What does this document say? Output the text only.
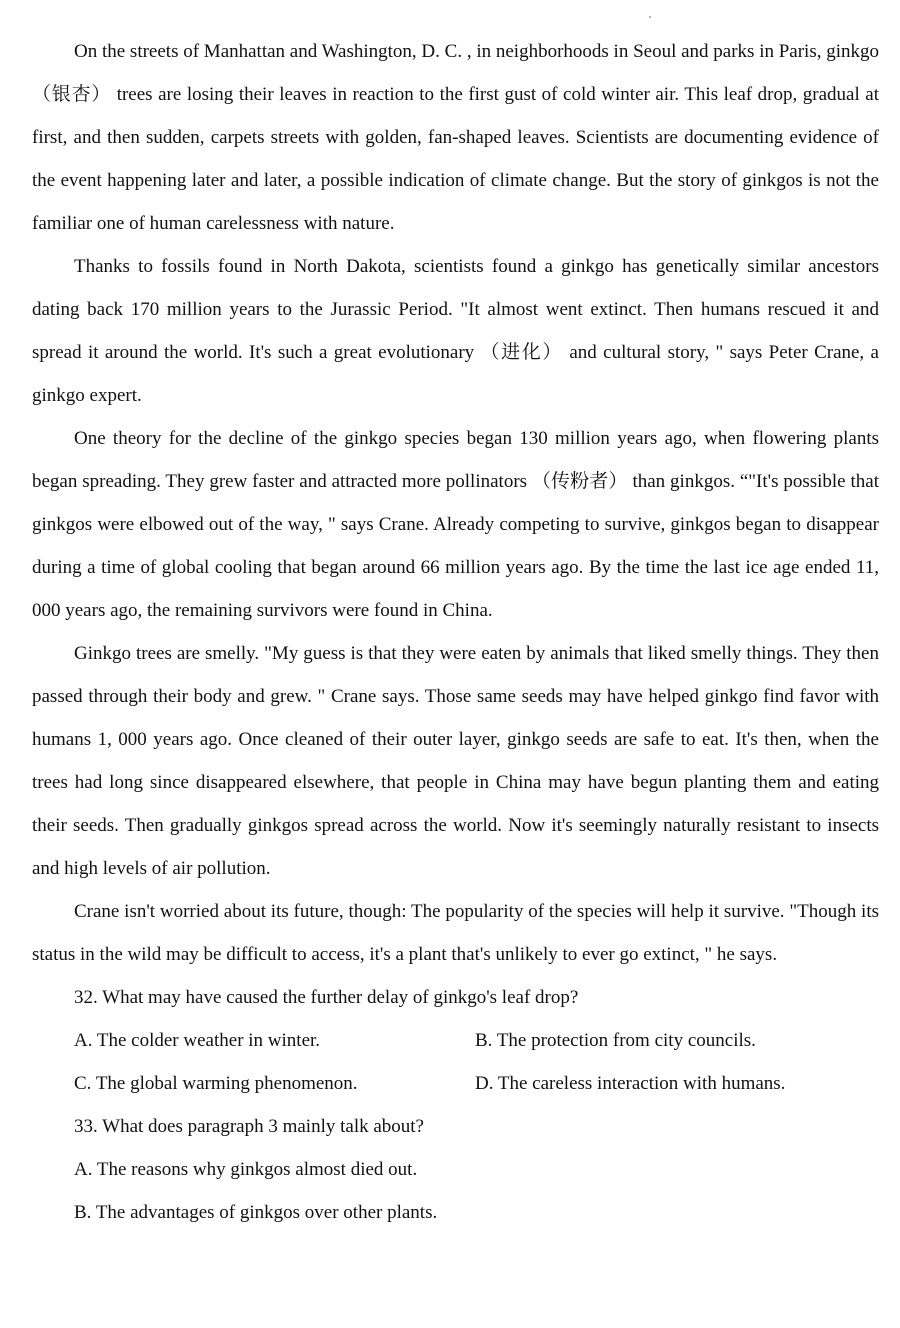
On the streets of Manhattan and Washington, D. C. , in neighborhoods in Seoul and parks in Paris, ginkgo （银杏） trees are losing their leaves in reaction to the first gust of cold winter air. This leaf drop, gradual at first, and then sudden, carpets streets with golden, fan-shaped leaves. Scientists are documenting evidence of the event happening later and later, a possible indication of climate change. But the story of ginkgos is not the familiar one of human carelessness with nature.

Thanks to fossils found in North Dakota, scientists found a ginkgo has genetically similar ancestors dating back 170 million years to the Jurassic Period. "It almost went extinct. Then humans rescued it and spread it around the world. It's such a great evolutionary （进化） and cultural story, " says Peter Crane, a ginkgo expert.

One theory for the decline of the ginkgo species began 130 million years ago, when flowering plants began spreading. They grew faster and attracted more pollinators （传粉者） than ginkgos. “"It's possible that ginkgos were elbowed out of the way, " says Crane. Already competing to survive, ginkgos began to disappear during a time of global cooling that began around 66 million years ago. By the time the last ice age ended 11, 000 years ago, the remaining survivors were found in China.

Ginkgo trees are smelly. "My guess is that they were eaten by animals that liked smelly things. They then passed through their body and grew. " Crane says. Those same seeds may have helped ginkgo find favor with humans 1, 000 years ago. Once cleaned of their outer layer, ginkgo seeds are safe to eat. It's then, when the trees had long since disappeared elsewhere, that people in China may have begun planting them and eating their seeds. Then gradually ginkgos spread across the world. Now it's seemingly naturally resistant to insects and high levels of air pollution.

Crane isn't worried about its future, though: The popularity of the species will help it survive. "Though its status in the wild may be difficult to access, it's a plant that's unlikely to ever go extinct, " he says.

32. What may have caused the further delay of ginkgo's leaf drop?

A. The colder weather in winter.	B. The protection from city councils.

C. The global warming phenomenon.	D. The careless interaction with humans.

33. What does paragraph 3 mainly talk about?

A. The reasons why ginkgos almost died out.

B. The advantages of ginkgos over other plants.
